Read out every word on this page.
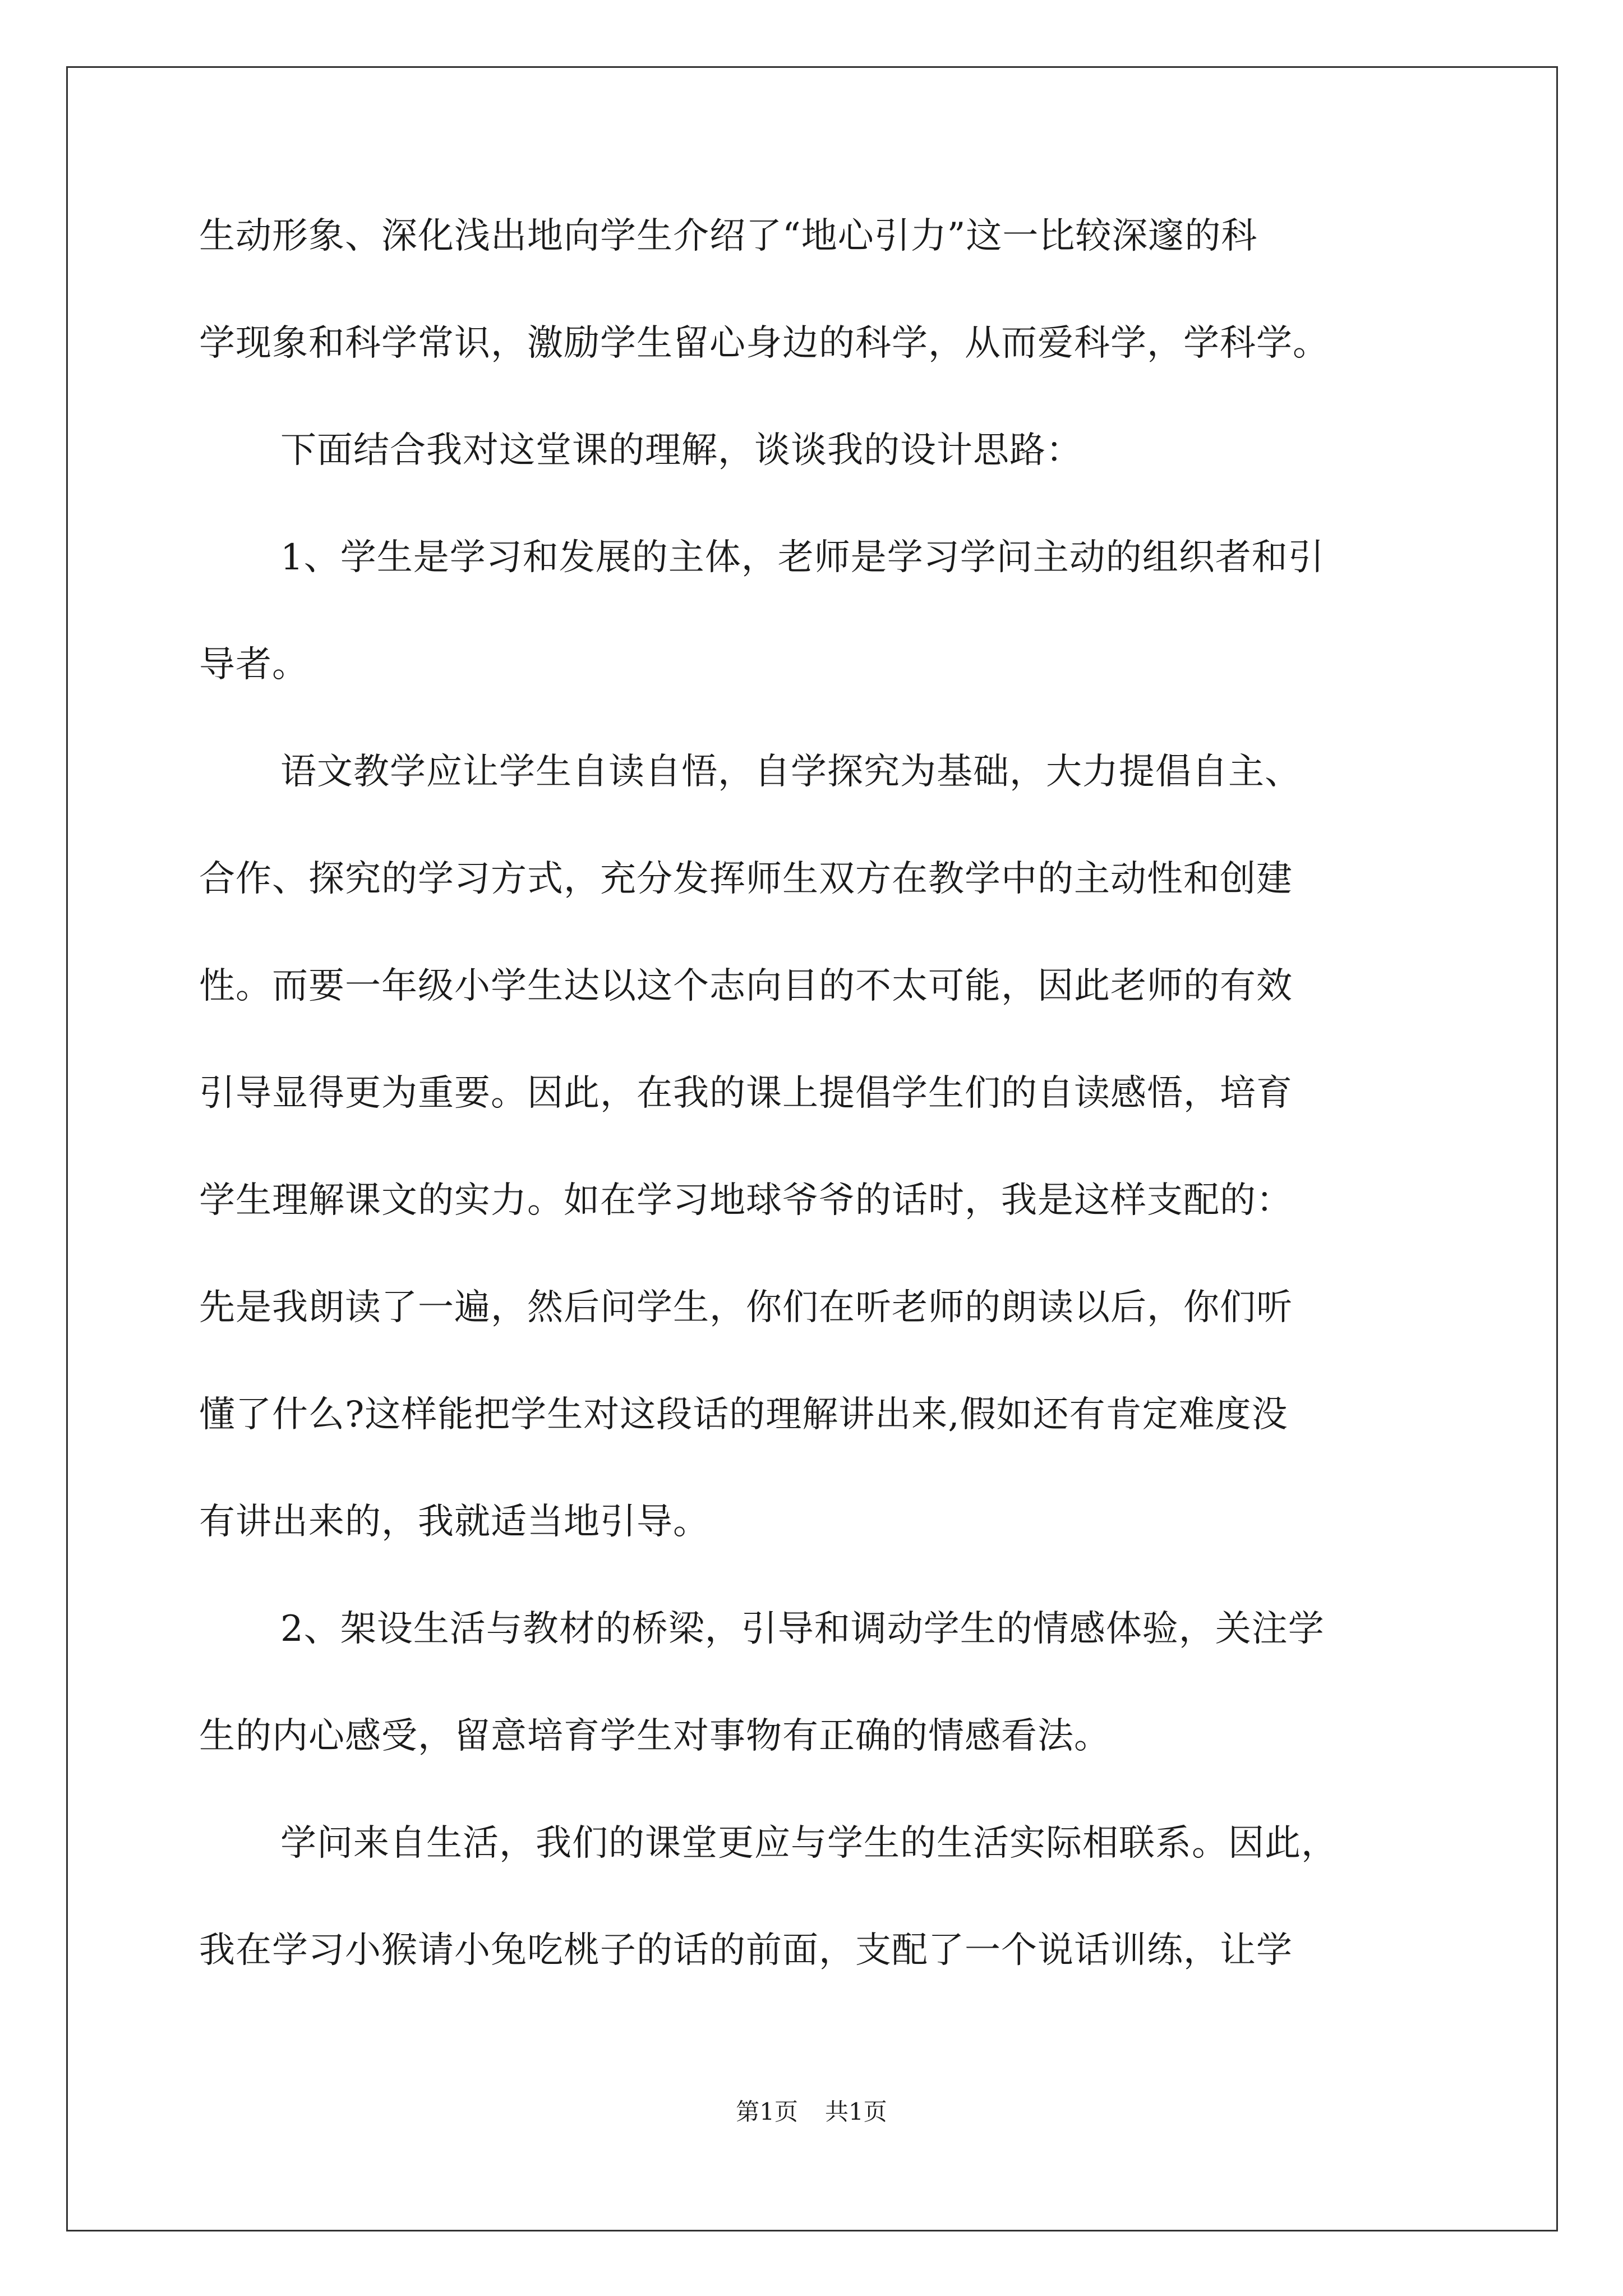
生动形象、深化浅出地向学生介绍了“地心引力”这一比较深邃的科
学现象和科学常识，激励学生留心身边的科学，从而爱科学，学科学。
下面结合我对这堂课的理解，谈谈我的设计思路：
1、学生是学习和发展的主体，老师是学习学问主动的组织者和引
导者。
语文教学应让学生自读自悟，自学探究为基础，大力提倡自主、
合作、探究的学习方式，充分发挥师生双方在教学中的主动性和创建
性。而要一年级小学生达以这个志向目的不太可能，因此老师的有效
引导显得更为重要。因此，在我的课上提倡学生们的自读感悟，培育
学生理解课文的实力。如在学习地球爷爷的话时，我是这样支配的：
先是我朗读了一遍，然后问学生，你们在听老师的朗读以后，你们听
懂了什么?这样能把学生对这段话的理解讲出来,假如还有肯定难度没
有讲出来的，我就适当地引导。
2、架设生活与教材的桥梁，引导和调动学生的情感体验，关注学
生的内心感受，留意培育学生对事物有正确的情感看法。
学问来自生活，我们的课堂更应与学生的生活实际相联系。因此，
我在学习小猴请小兔吃桃子的话的前面，支配了一个说话训练，让学
第1页 共1页
